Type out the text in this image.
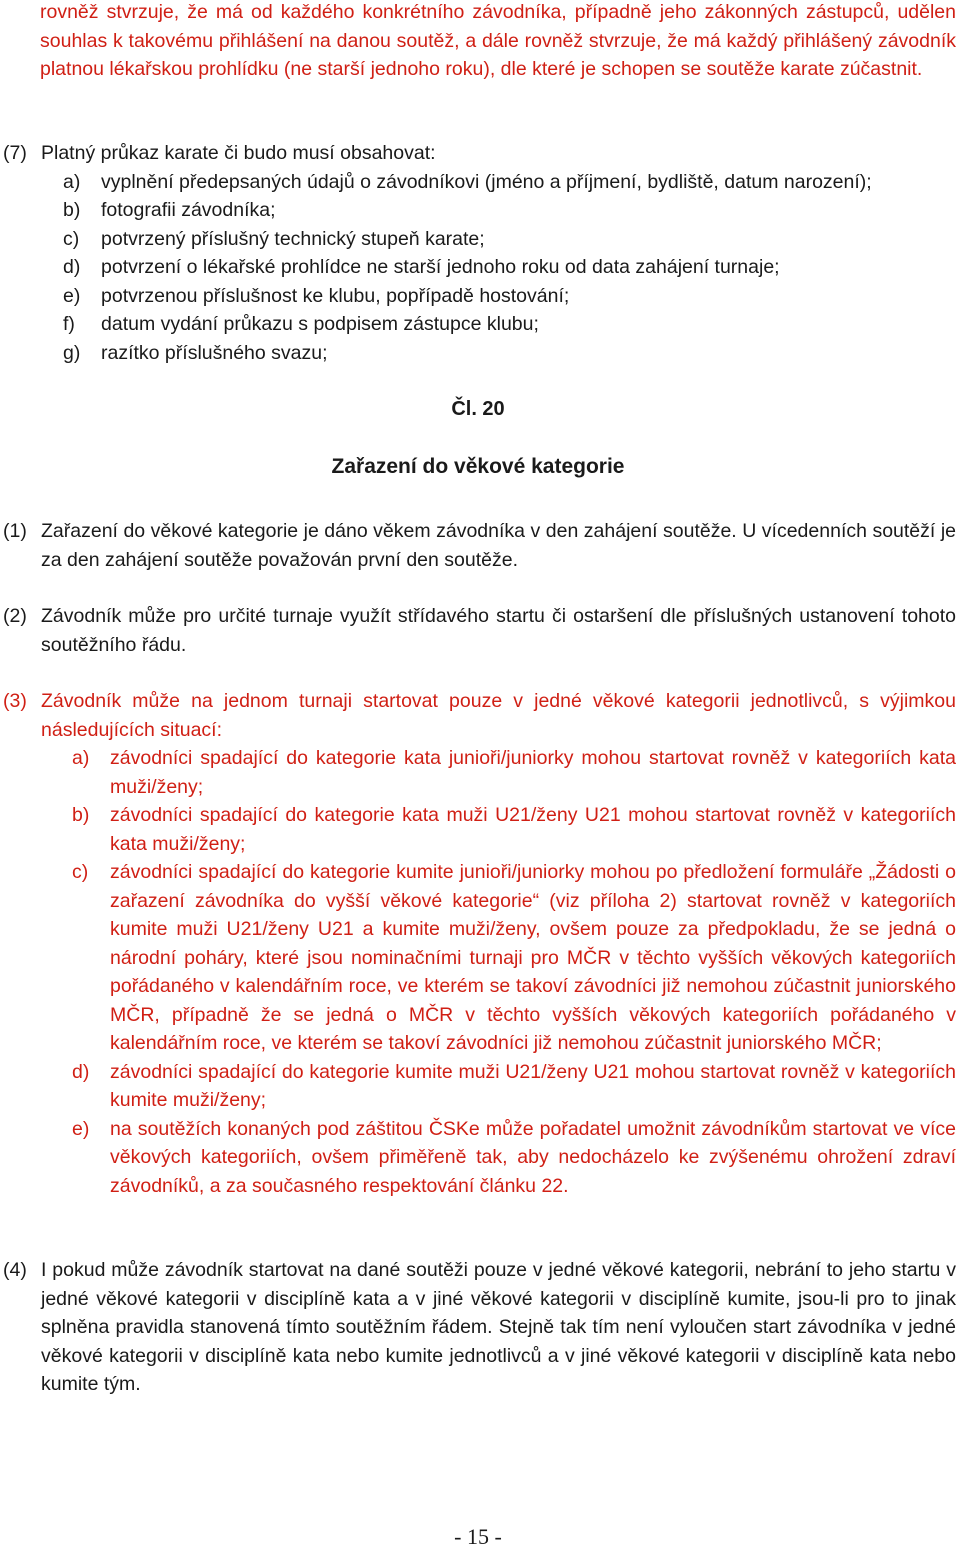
rovněž stvrzuje, že má od každého konkrétního závodníka, případně jeho zákonných zástupců, udělen souhlas k takovému přihlášení na danou soutěž, a dále rovněž stvrzuje, že má každý přihlášený závodník platnou lékařskou prohlídku (ne starší jednoho roku), dle které je schopen se soutěže karate zúčastnit.
(7) Platný průkaz karate či budo musí obsahovat:
a) vyplnění předepsaných údajů o závodníkovi (jméno a příjmení, bydliště, datum narození);
b) fotografii závodníka;
c) potvrzený příslušný technický stupeň karate;
d) potvrzení o lékařské prohlídce ne starší jednoho roku od data zahájení turnaje;
e) potvrzenou příslušnost ke klubu, popřípadě hostování;
f) datum vydání průkazu s podpisem zástupce klubu;
g) razítko příslušného svazu;
Čl. 20
Zařazení do věkové kategorie
(1) Zařazení do věkové kategorie je dáno věkem závodníka v den zahájení soutěže. U vícedenních soutěží je za den zahájení soutěže považován první den soutěže.
(2) Závodník může pro určité turnaje využít střídavého startu či ostaršení dle příslušných ustanovení tohoto soutěžního řádu.
(3) Závodník může na jednom turnaji startovat pouze v jedné věkové kategorii jednotlivců, s výjimkou následujících situací:
a) závodníci spadající do kategorie kata junioři/juniorky mohou startovat rovněž v kategoriích kata muži/ženy;
b) závodníci spadající do kategorie kata muži U21/ženy U21 mohou startovat rovněž v kategoriích kata muži/ženy;
c) závodníci spadající do kategorie kumite junioři/juniorky mohou po předložení formuláře „Žádosti o zařazení závodníka do vyšší věkové kategorie“ (viz příloha 2) startovat rovněž v kategoriích kumite muži U21/ženy U21 a kumite muži/ženy, ovšem pouze za předpokladu, že se jedná o národní poháry, které jsou nominačními turnaji pro MČR v těchto vyšších věkových kategoriích pořádaného v kalendářním roce, ve kterém se takoví závodníci již nemohou zúčastnit juniorského MČR, případně že se jedná o MČR v těchto vyšších věkových kategoriích pořádaného v kalendářním roce, ve kterém se takoví závodníci již nemohou zúčastnit juniorského MČR;
d) závodníci spadající do kategorie kumite muži U21/ženy U21 mohou startovat rovněž v kategoriích kumite muži/ženy;
e) na soutěžích konaných pod záštitou ČSKe může pořadatel umožnit závodníkům startovat ve více věkových kategoriích, ovšem přiměřeně tak, aby nedocházelo ke zvýšenému ohrožení zdraví závodníků, a za současného respektování článku 22.
(4) I pokud může závodník startovat na dané soutěži pouze v jedné věkové kategorii, nebrání to jeho startu v jedné věkové kategorii v disciplíně kata a v jiné věkové kategorii v disciplíně kumite, jsou-li pro to jinak splněna pravidla stanovená tímto soutěžním řádem. Stejně tak tím není vyloučen start závodníka v jedné věkové kategorii v disciplíně kata nebo kumite jednotlivců a v jiné věkové kategorii v disciplíně kata nebo kumite tým.
- 15 -
